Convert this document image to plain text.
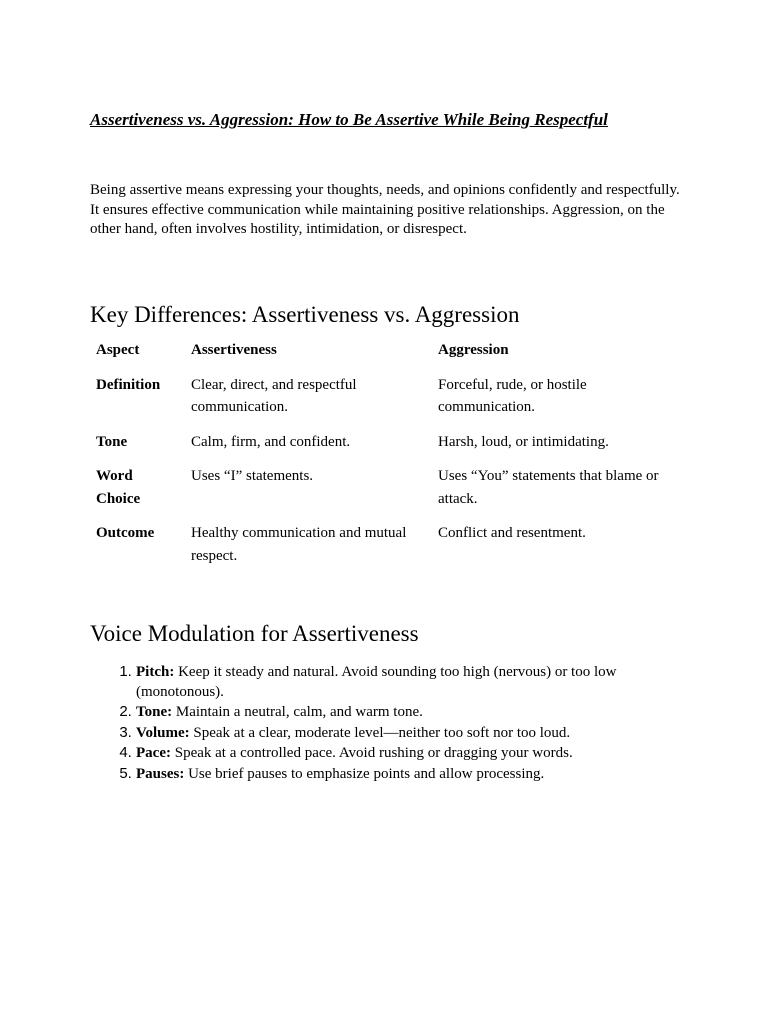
Assertiveness vs. Aggression: How to Be Assertive While Being Respectful

Being assertive means expressing your thoughts, needs, and opinions confidently and respectfully. It ensures effective communication while maintaining positive relationships. Aggression, on the other hand, often involves hostility, intimidation, or disrespect.

Key Differences: Assertiveness vs. Aggression
Aspect	Assertiveness	Aggression
Definition	Clear, direct, and respectful communication.	Forceful, rude, or hostile communication.
Tone	Calm, firm, and confident.	Harsh, loud, or intimidating.
Word Choice	Uses “I” statements.	Uses “You” statements that blame or attack.
Outcome	Healthy communication and mutual respect.	Conflict and resentment.
Voice Modulation for Assertiveness
1. Pitch: Keep it steady and natural. Avoid sounding too high (nervous) or too low (monotonous).
2. Tone: Maintain a neutral, calm, and warm tone.
3. Volume: Speak at a clear, moderate level—neither too soft nor too loud.
4. Pace: Speak at a controlled pace. Avoid rushing or dragging your words.
5. Pauses: Use brief pauses to emphasize points and allow processing.
